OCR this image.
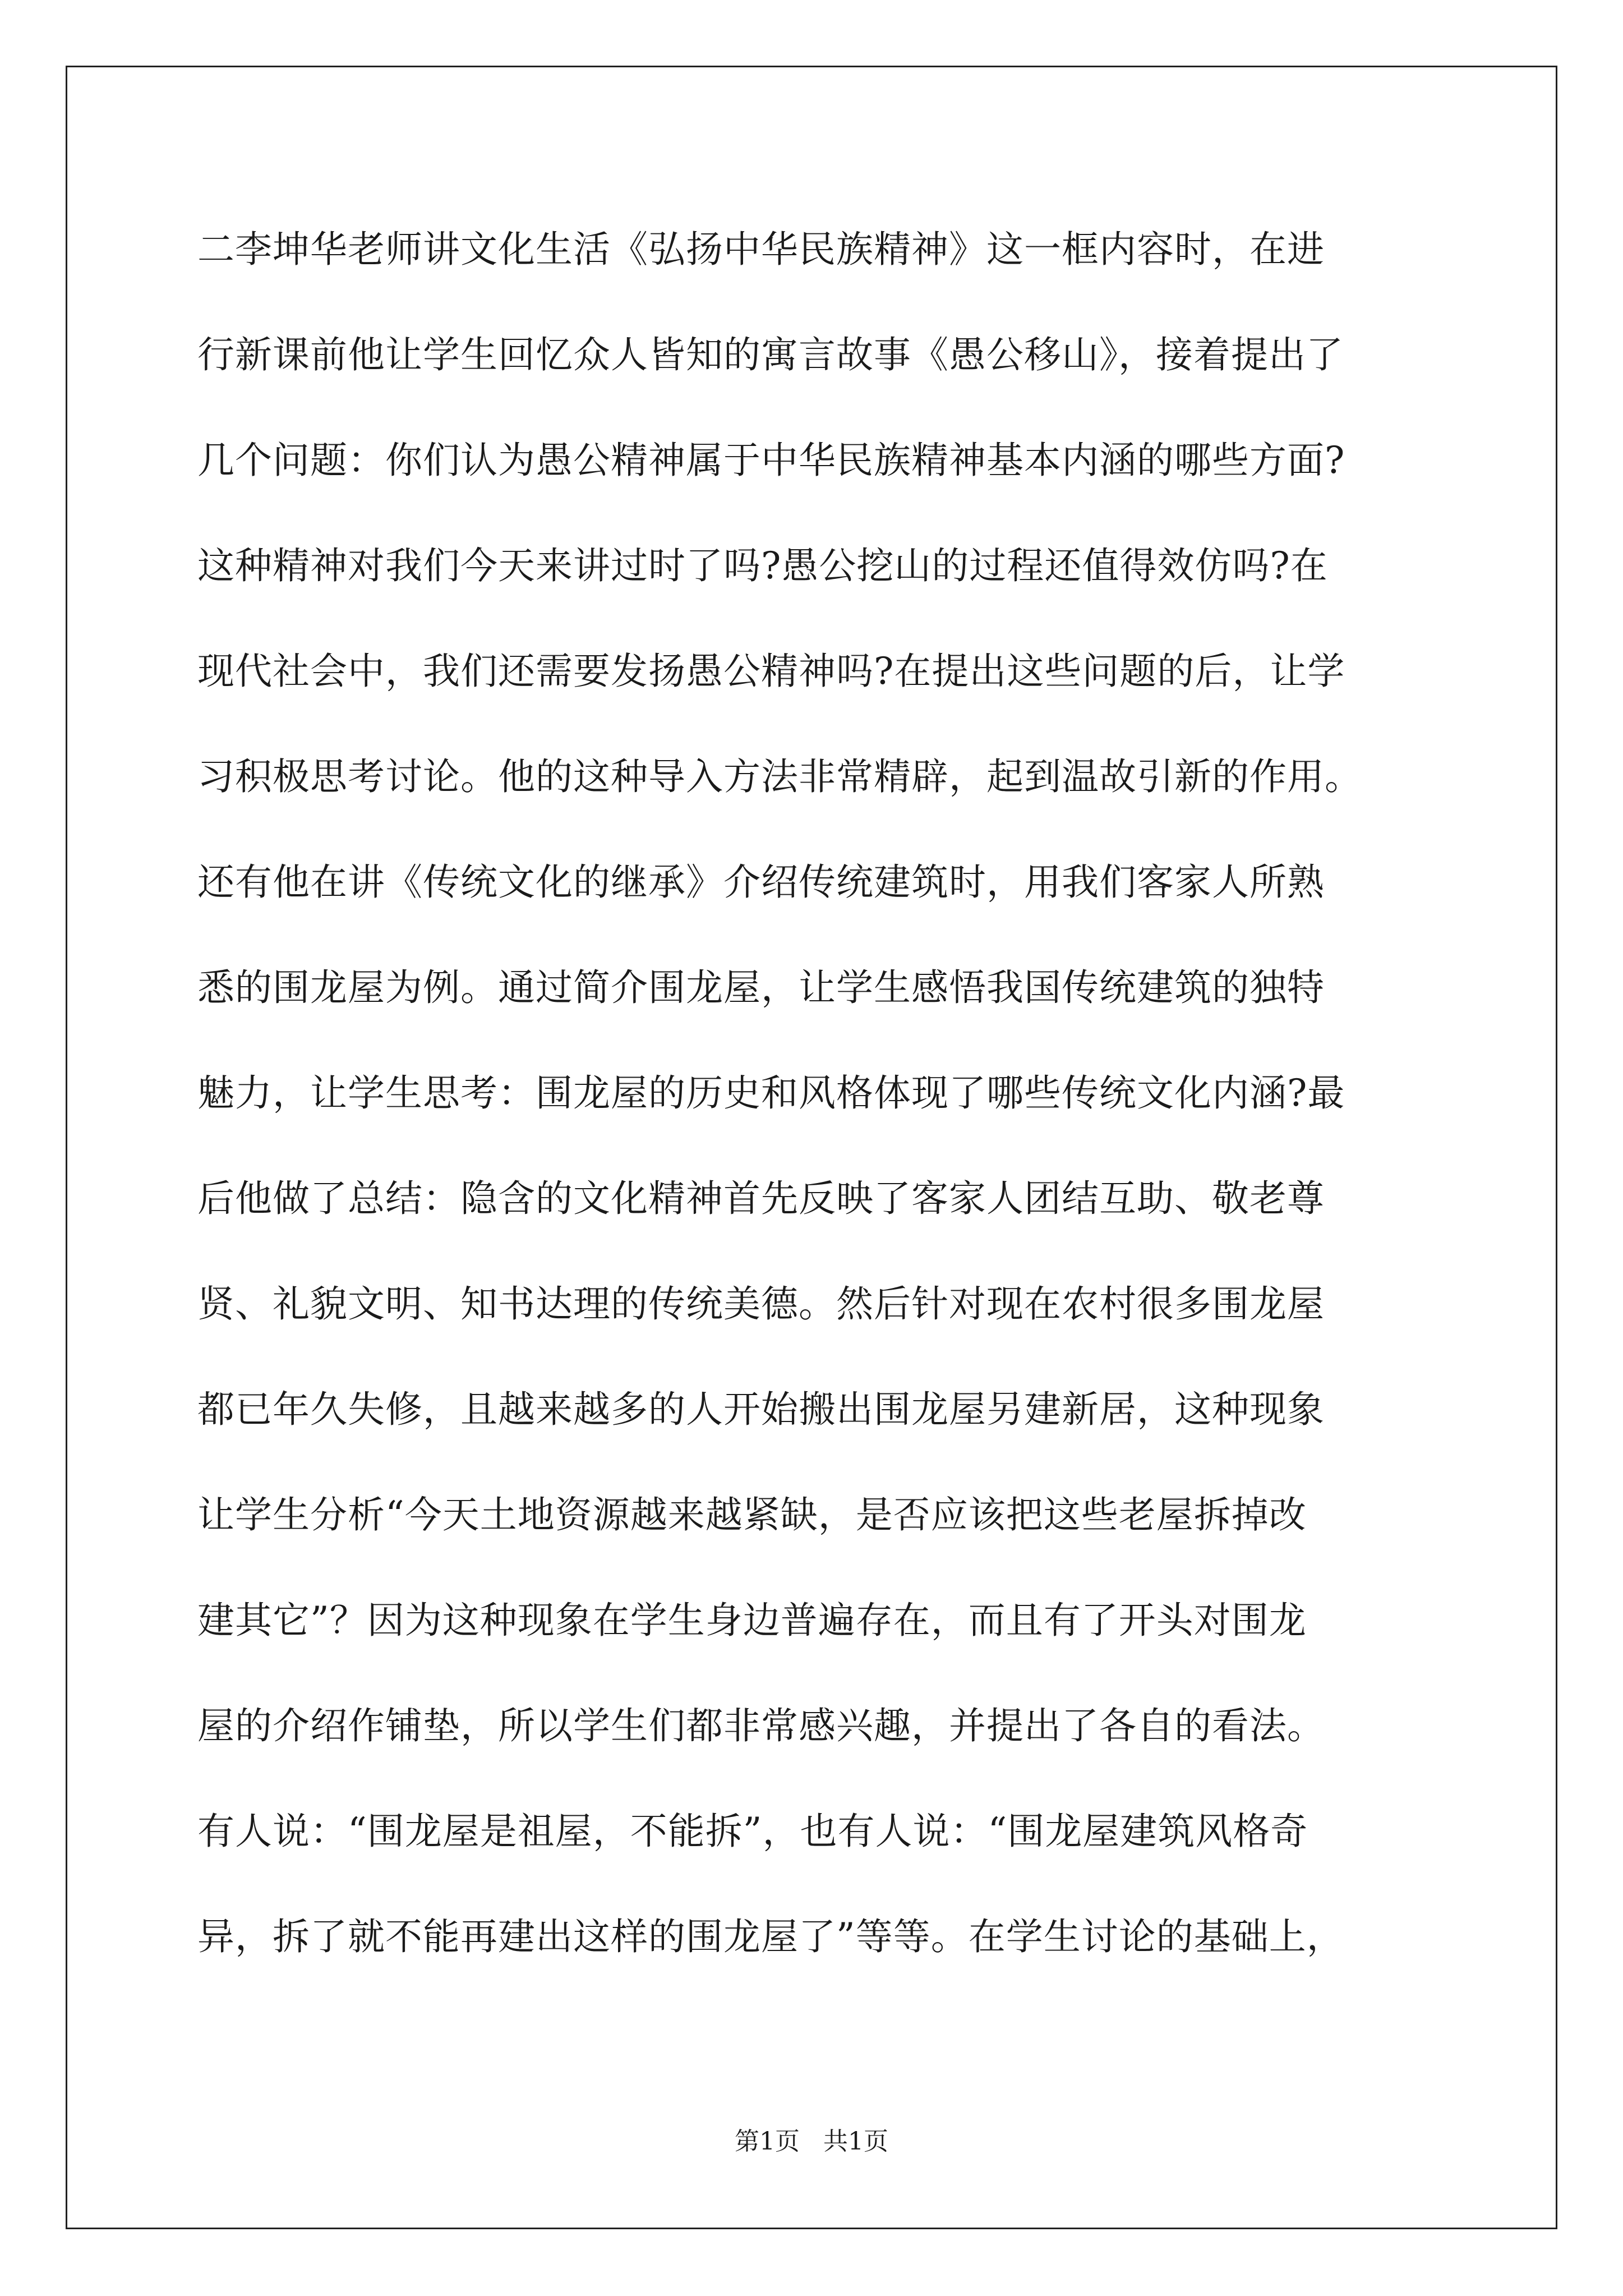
二李坤华老师讲文化生活《弘扬中华民族精神》这一框内容时，在进
行新课前他让学生回忆众人皆知的寓言故事《愚公移山》，接着提出了
几个问题：你们认为愚公精神属于中华民族精神基本内涵的哪些方面?
这种精神对我们今天来讲过时了吗?愚公挖山的过程还值得效仿吗?在
现代社会中，我们还需要发扬愚公精神吗?在提出这些问题的后，让学
习积极思考讨论。他的这种导入方法非常精辟，起到温故引新的作用。
还有他在讲《传统文化的继承》介绍传统建筑时，用我们客家人所熟
悉的围龙屋为例。通过简介围龙屋，让学生感悟我国传统建筑的独特
魅力，让学生思考：围龙屋的历史和风格体现了哪些传统文化内涵?最
后他做了总结：隐含的文化精神首先反映了客家人团结互助、敬老尊
贤、礼貌文明、知书达理的传统美德。然后针对现在农村很多围龙屋
都已年久失修，且越来越多的人开始搬出围龙屋另建新居，这种现象
让学生分析“今天土地资源越来越紧缺，是否应该把这些老屋拆掉改
建其它”？因为这种现象在学生身边普遍存在，而且有了开头对围龙
屋的介绍作铺垫，所以学生们都非常感兴趣，并提出了各自的看法。
有人说：“围龙屋是祖屋，不能拆”，也有人说：“围龙屋建筑风格奇
异，拆了就不能再建出这样的围龙屋了”等等。在学生讨论的基础上，
第1页 共1页
